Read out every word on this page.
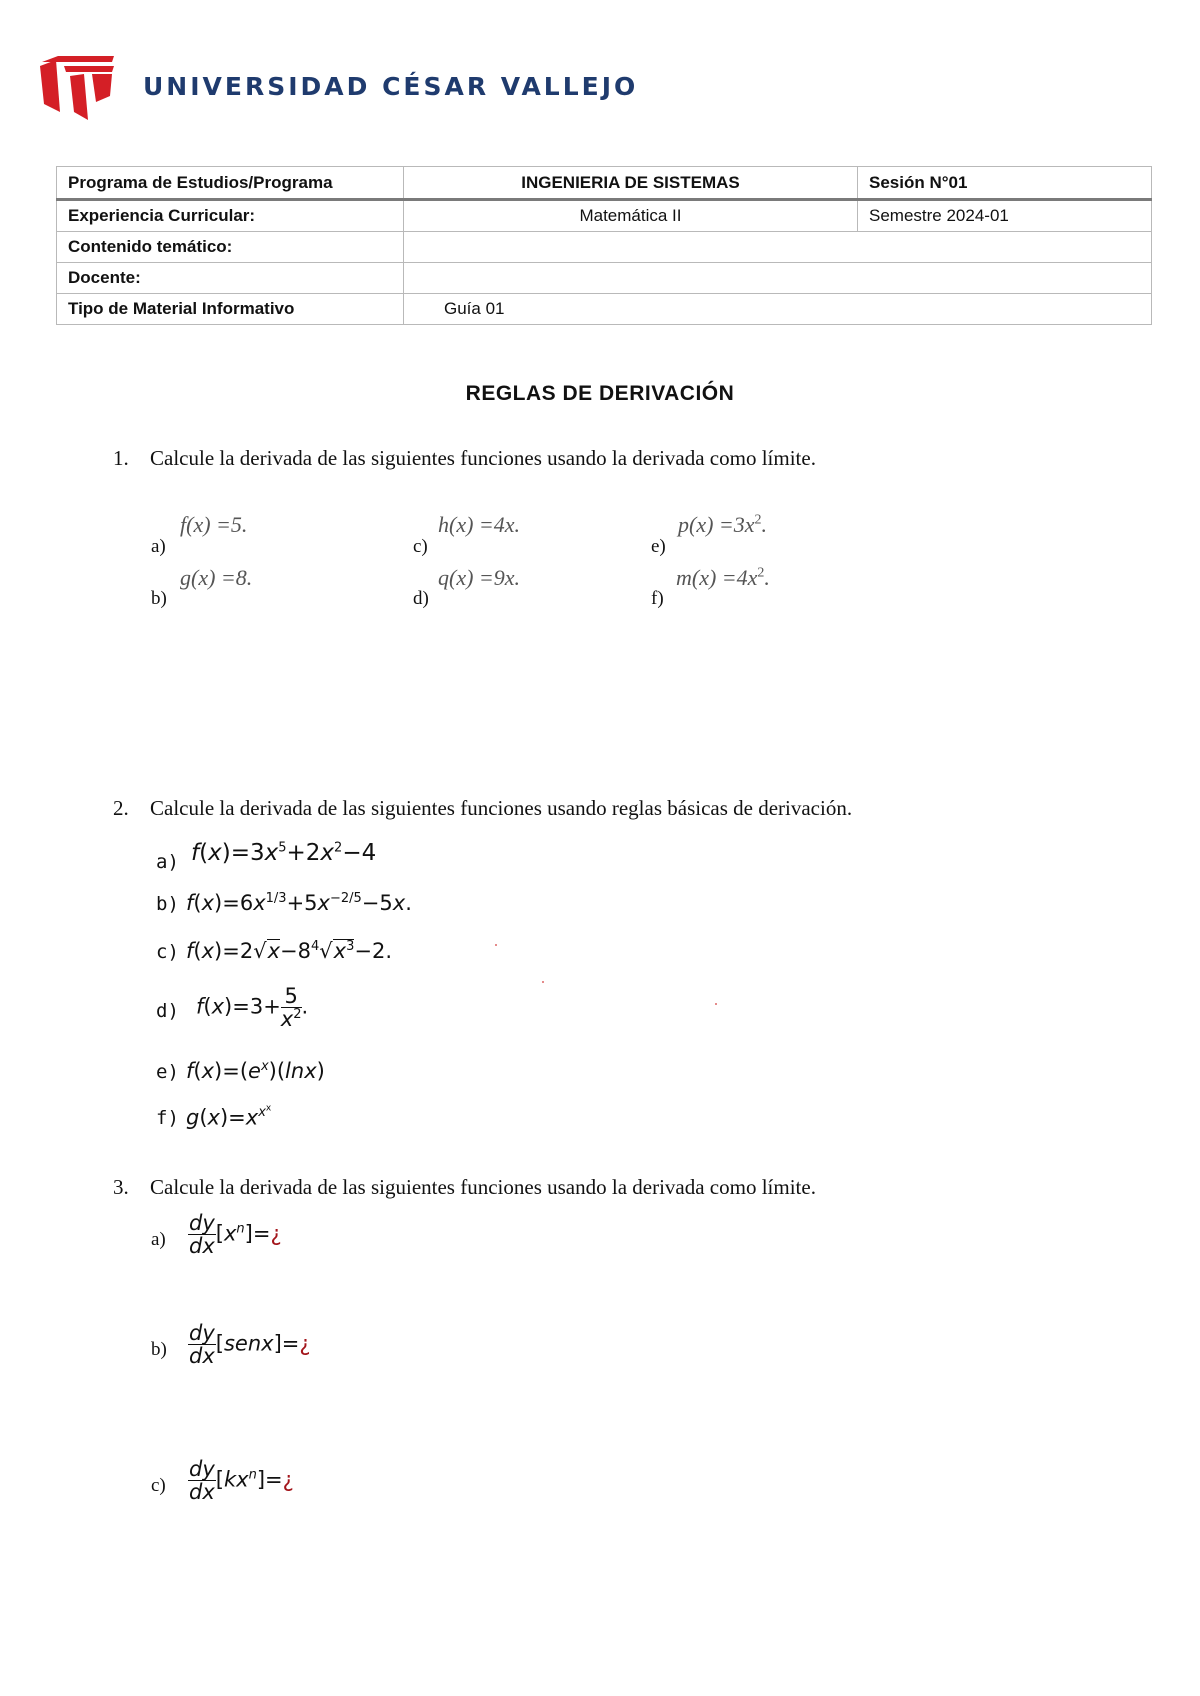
UNIVERSIDAD CÉSAR VALLEJO
Programa de Estudios/Programa	INGENIERIA DE SISTEMAS	Sesión N°01
Experiencia Curricular:	Matemática II	Semestre 2024-01
Contenido temático:		
Docente:		
Tipo de Material Informativo	Guía 01	
REGLAS DE DERIVACIÓN
1. Calcule la derivada de las siguientes funciones usando la derivada como límite.
a)
f(x) =5.
b)
g(x) =8.
c)
h(x) =4x.
d)
q(x) =9x.
e)
$p(x) =3x^2$.
f)
$m(x) =4x^2$.
2. Calcule la derivada de las siguientes funciones usando reglas básicas de derivación.
a) $f(x)=3x^5+2x^2-4$
b) $f(x)=6x^{1/3}+5x^{-2/5}-5x$.
c) $f(x)=2√x-8^4√x^3-2$.
d) $f(x)=3+ \frac{5}{x^2}$ .
e) $f(x)=(e^x)(\ln x)$
f) $g(x)=x^{x^x}$
3. Calcule la derivada de las siguientes funciones usando la derivada como límite.
$a) \frac{dy}{dx}$ $[x^n]=¿$
$b) \frac{dy}{dx}$ [senx]=¿
$c) \frac{dy}{dx}$ $[kx^n]=¿$
